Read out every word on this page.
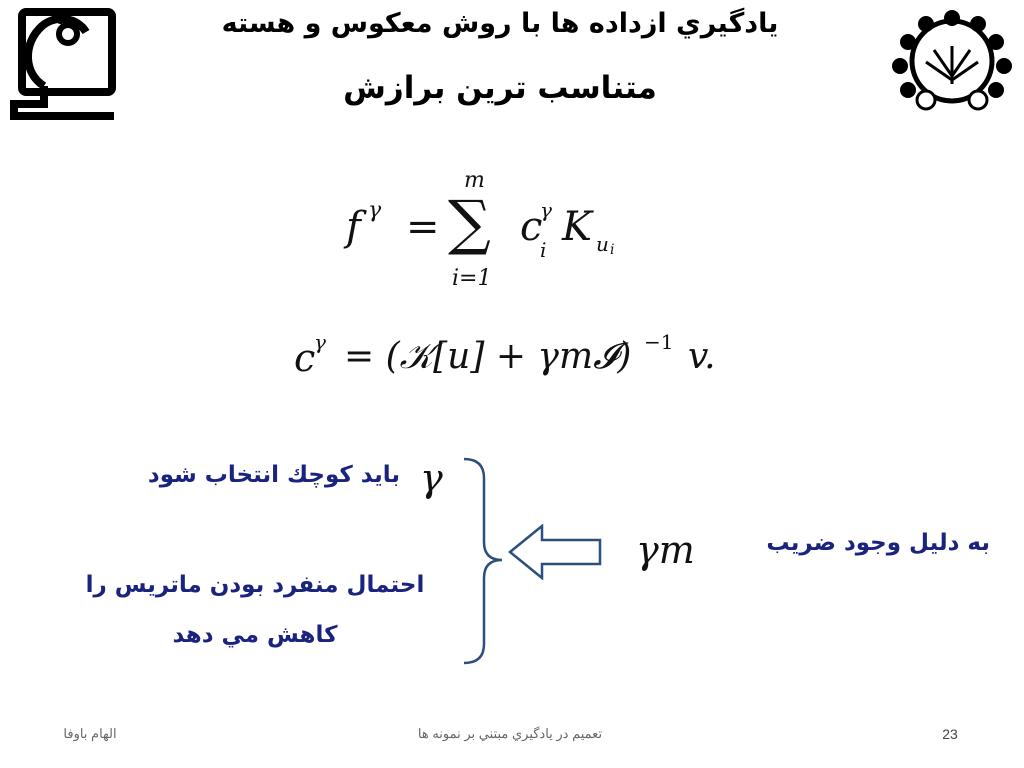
يادگيري ازداده ها با روش معكوس و هسته
متناسب ترين برازش
f γ =
m
∑
i=1
c
γ
i K u i
c
γ = (𝒦[u] + γm𝓘) −1 v.
γ
بايد كوچك انتخاب شود
احتمال منفرد بودن ماتريس را
كاهش مي دهد
γm	به دليل وجود ضريب
الهام باوفا	تعميم در يادگيري مبتني بر نمونه ها	23
